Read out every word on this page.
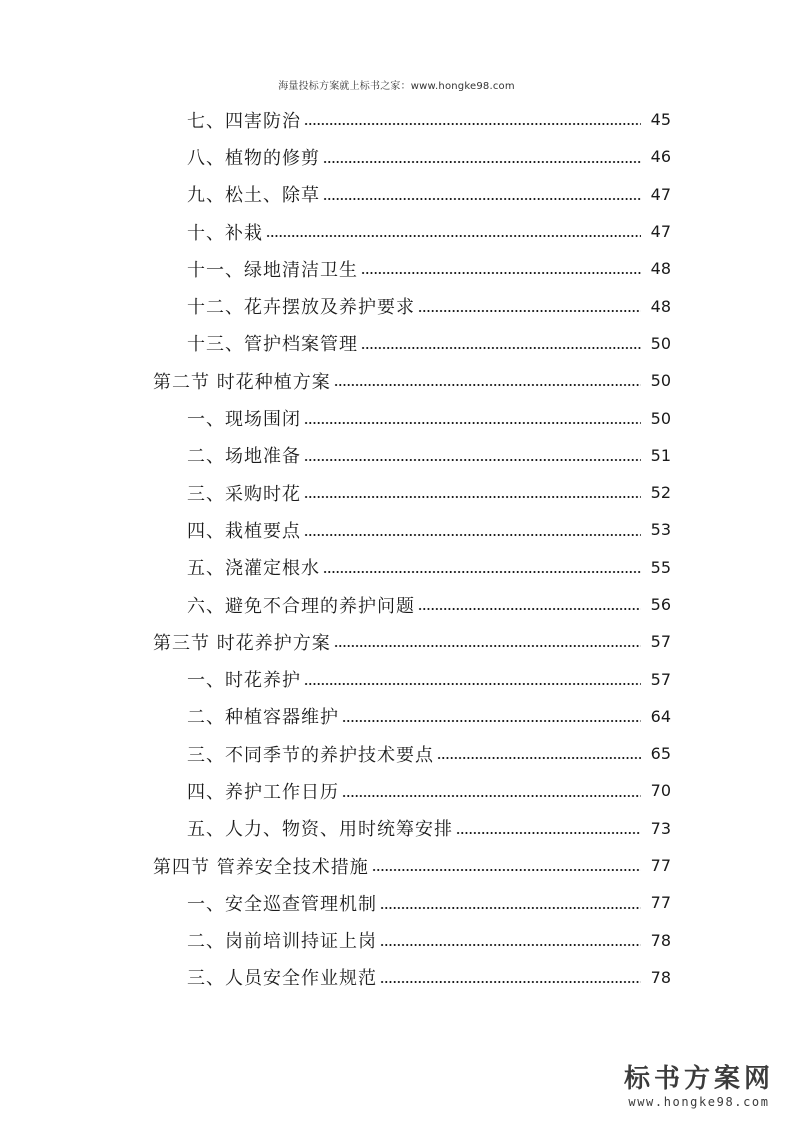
海量投标方案就上标书之家：www.hongke98.com
七、四害防治	45
八、植物的修剪	46
九、松土、除草	47
十、补栽	47
十一、绿地清洁卫生	48
十二、花卉摆放及养护要求	48
十三、管护档案管理	50
第二节 时花种植方案	50
一、现场围闭	50
二、场地准备	51
三、采购时花	52
四、栽植要点	53
五、浇灌定根水	55
六、避免不合理的养护问题	56
第三节 时花养护方案	57
一、时花养护	57
二、种植容器维护	64
三、不同季节的养护技术要点	65
四、养护工作日历	70
五、人力、物资、用时统筹安排	73
第四节 管养安全技术措施	77
一、安全巡查管理机制	77
二、岗前培训持证上岗	78
三、人员安全作业规范	78
标书方案网
www.hongke98.com
